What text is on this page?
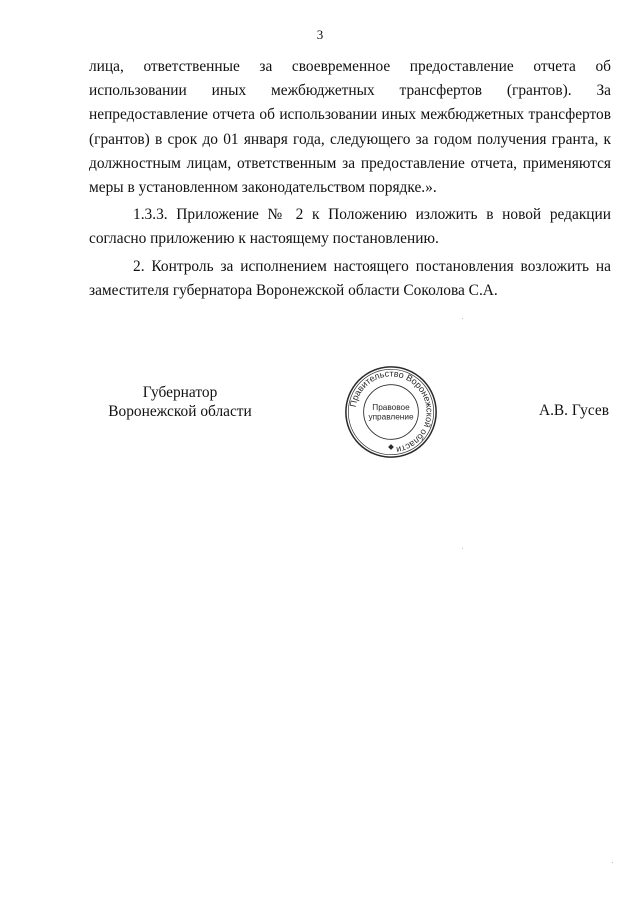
3

лица, ответственные за своевременное предоставление отчета об использовании иных межбюджетных трансфертов (грантов). За непредоставление отчета об использовании иных межбюджетных трансфертов (грантов) в срок до 01 января года, следующего за годом получения гранта, к должностным лицам, ответственным за предоставление отчета, применяются меры в установленном законодательством порядке.».

1.3.3. Приложение № 2 к Положению изложить в новой редакции согласно приложению к настоящему постановлению.

2. Контроль за исполнением настоящего постановления возложить на заместителя губернатора Воронежской области Соколова С.А.

Губернатор
Воронежской области	Правительство Воронежской области
Правовое
управление	А.В. Гусев
